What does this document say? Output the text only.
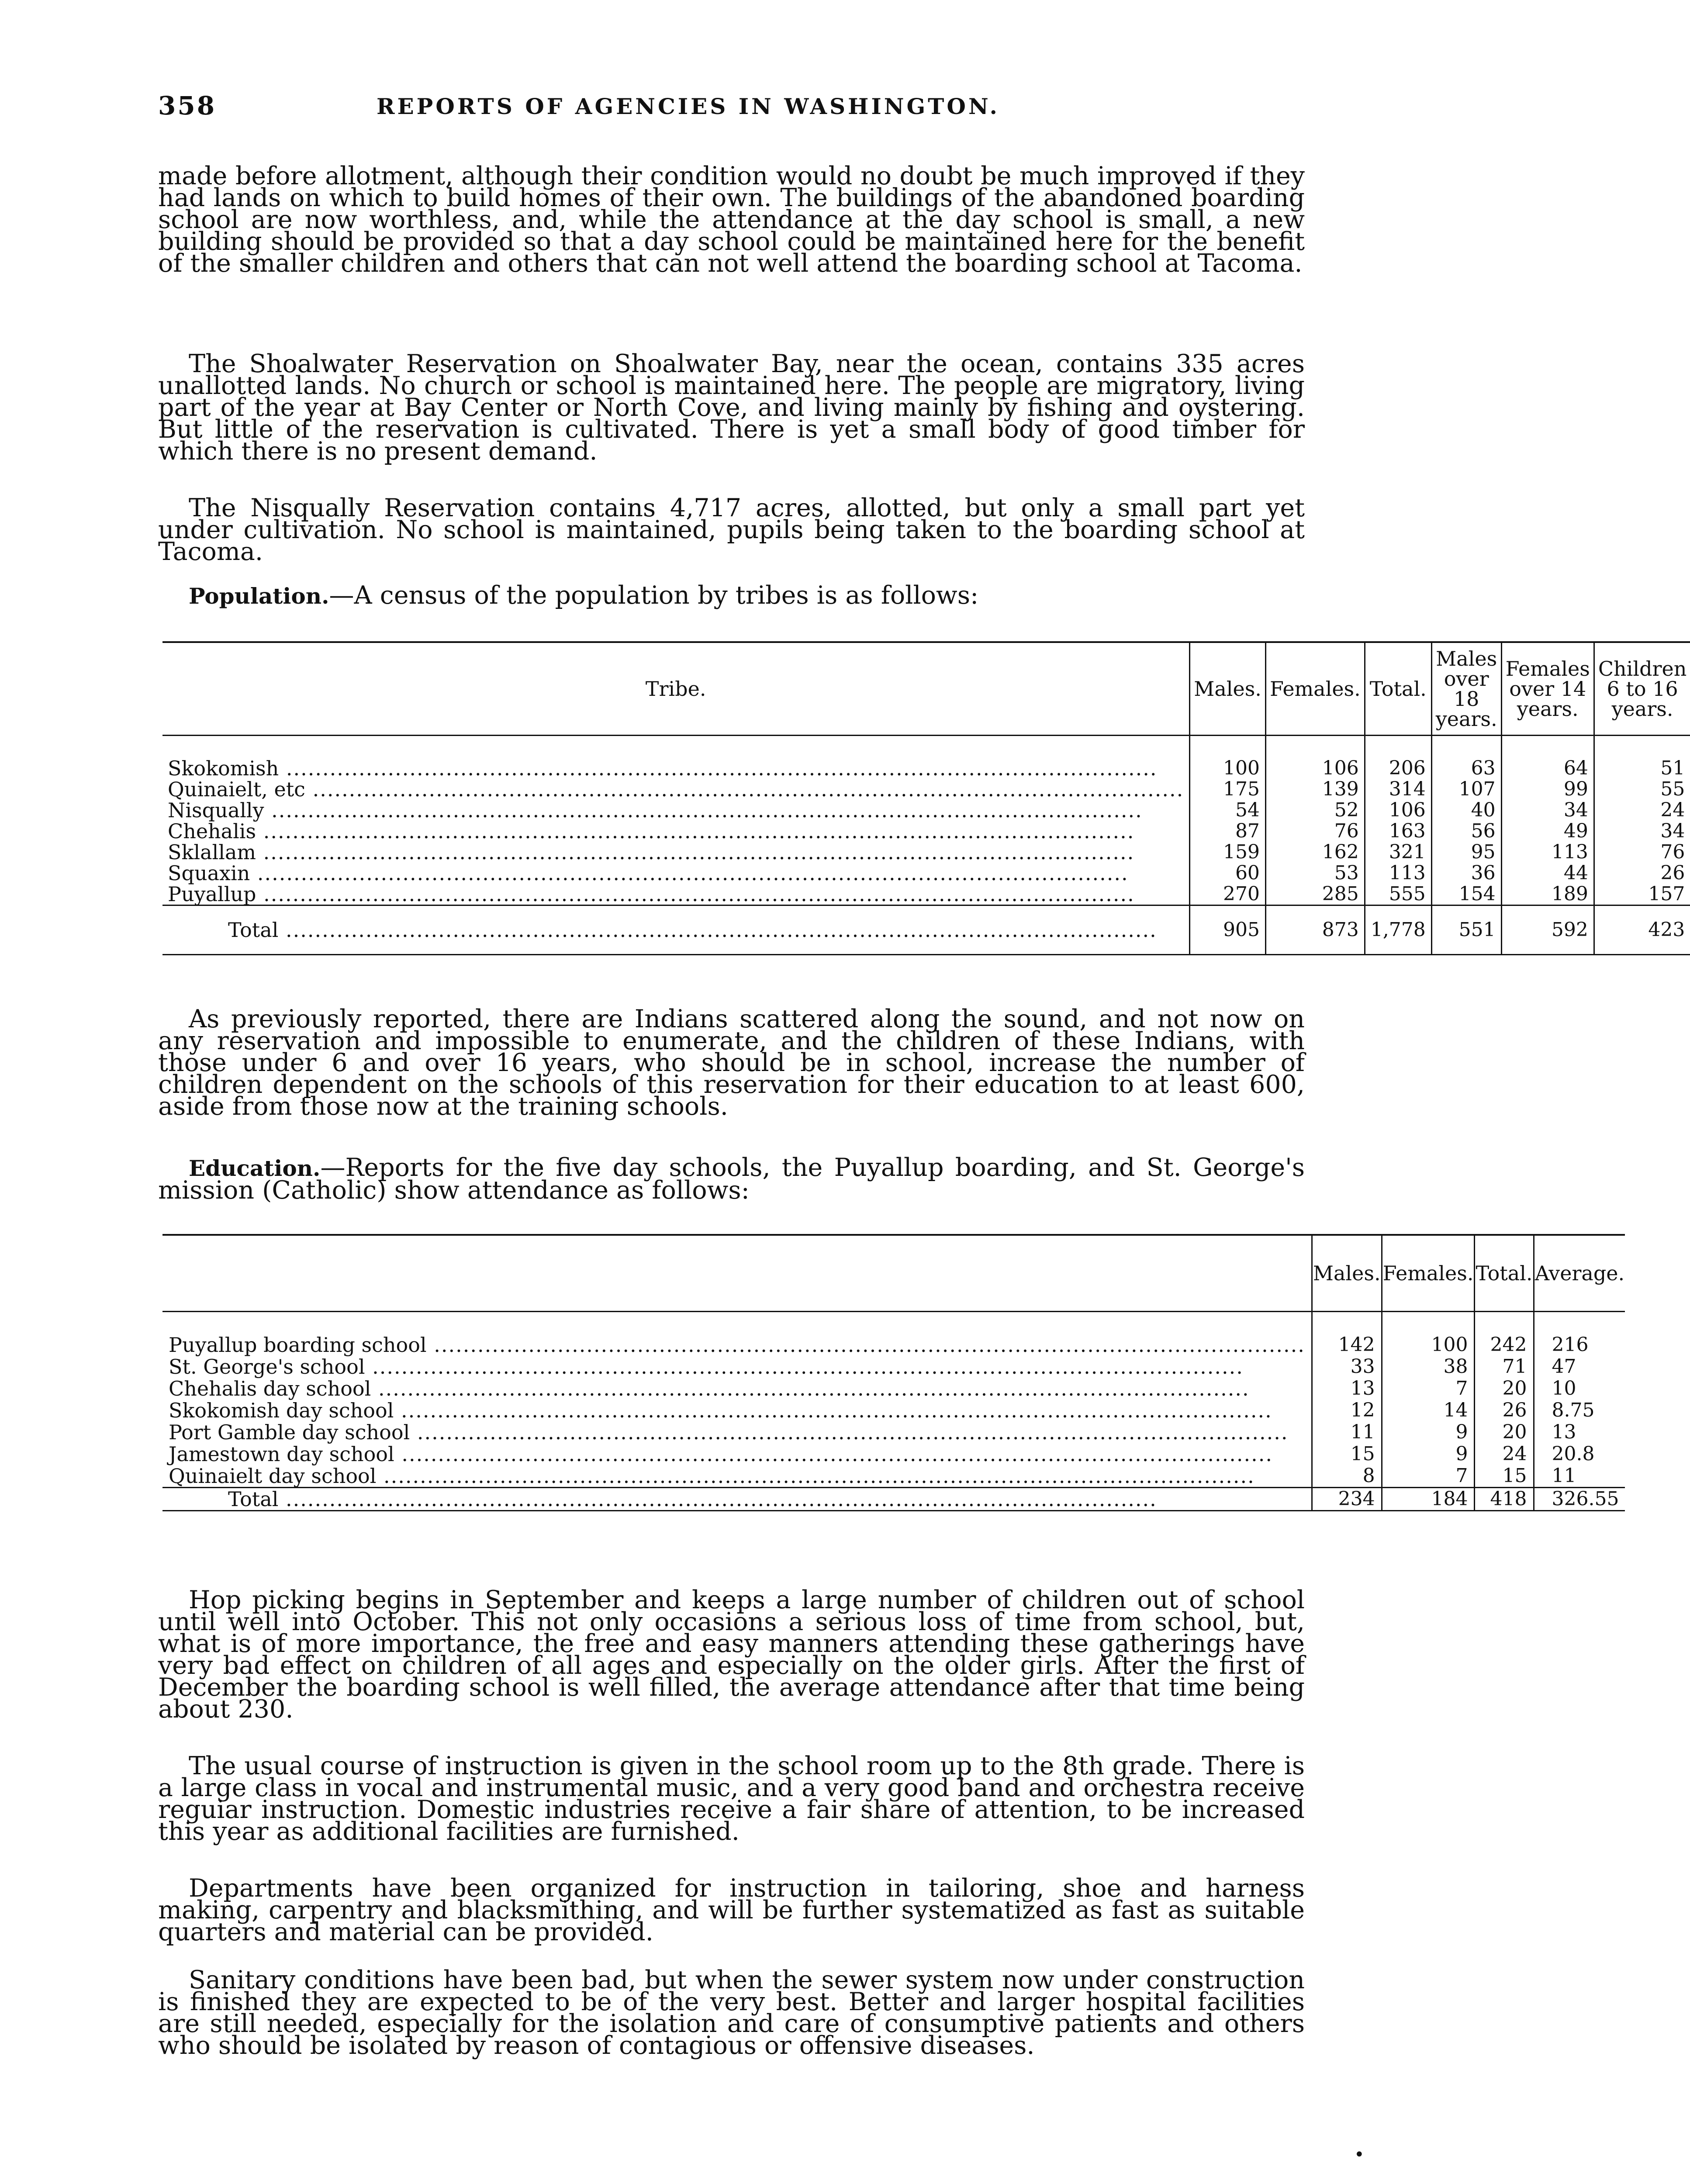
358	REPORTS OF AGENCIES IN WASHINGTON.

made before allotment, although their condition would no doubt be much improved if they had lands on which to build homes of their own. The buildings of the abandoned boarding school are now worthless, and, while the attendance at the day school is small, a new building should be provided so that a day school could be maintained here for the benefit of the smaller children and others that can not well attend the boarding school at Tacoma.

The Shoalwater Reservation on Shoalwater Bay, near the ocean, contains 335 acres unallotted lands. No church or school is maintained here. The people are migratory, living part of the year at Bay Center or North Cove, and living mainly by fishing and oystering. But little of the reservation is cultivated. There is yet a small body of good timber for which there is no present demand.

The Nisqually Reservation contains 4,717 acres, allotted, but only a small part yet under cultivation. No school is maintained, pupils being taken to the boarding school at Tacoma.

Population.—A census of the population by tribes is as follows:

Tribe.	Males.	Females.	Total.	Males over 18 years.	Females over 14 years.	Children 6 to 16 years.

Skokomish .....	100	106	206	63	64	51
Quinaielt, etc .....	175	139	314	107	99	55
Nisqually .....	54	52	106	40	34	24
Chehalis .....	87	76	163	56	49	34
Sklallam .....	159	162	321	95	113	76
Squaxin .....	60	53	113	36	44	26
Puyallup .....	270	285	555	154	189	157
Total .....	905	873	1,778	551	592	423

As previously reported, there are Indians scattered along the sound, and not now on any reservation and impossible to enumerate, and the children of these Indians, with those under 6 and over 16 years, who should be in school, increase the number of children dependent on the schools of this reservation for their education to at least 600, aside from those now at the training schools.

Education.—Reports for the five day schools, the Puyallup boarding, and St. George's mission (Catholic) show attendance as follows:

	Males.	Females.	Total.	Average.

Puyallup boarding school .....	142	100	242	216
St. George's school .....	33	38	71	47
Chehalis day school .....	13	7	20	10
Skokomish day school .....	12	14	26	8.75
Port Gamble day school .....	11	9	20	13
Jamestown day school .....	15	9	24	20.8
Quinaielt day school .....	8	7	15	11
Total .....	234	184	418	326.55

Hop picking begins in September and keeps a large number of children out of school until well into October. This not only occasions a serious loss of time from school, but, what is of more importance, the free and easy manners attending these gatherings have very bad effect on children of all ages and especially on the older girls. After the first of December the boarding school is well filled, the average attendance after that time being about 230.

The usual course of instruction is given in the school room up to the 8th grade. There is a large class in vocal and instrumental music, and a very good band and orchestra receive reguiar instruction. Domestic industries receive a fair share of attention, to be increased this year as additional facilities are furnished.

Departments have been organized for instruction in tailoring, shoe and harness making, carpentry and blacksmithing, and will be further systematized as fast as suitable quarters and material can be provided.

Sanitary conditions have been bad, but when the sewer system now under construction is finished they are expected to be of the very best. Better and larger hospital facilities are still needed, especially for the isolation and care of consumptive patients and others who should be isolated by reason of contagious or offensive diseases.

•
